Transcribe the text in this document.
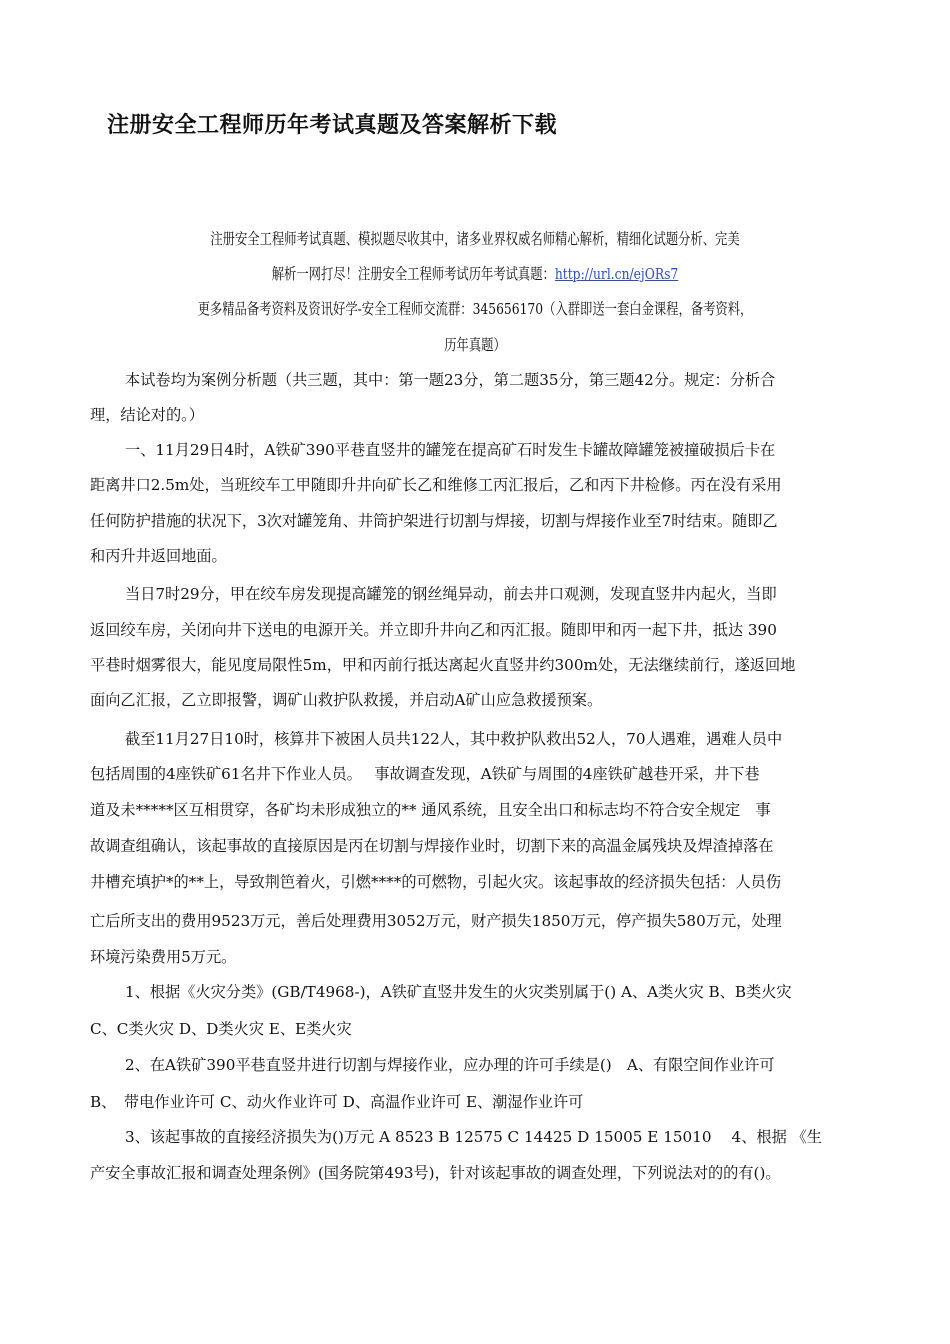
注册安全工程师历年考试真题及答案解析下载
注册安全工程师考试真题、模拟题尽收其中，诸多业界权威名师精心解析，精细化试题分析、完美
解析一网打尽！注册安全工程师考试历年考试真题：http://url.cn/ejORs7
更多精品备考资料及资讯好学-安全工程师交流群：345656170（入群即送一套白金课程，备考资料，
历年真题）
本试卷均为案例分析题（共三题，其中：第一题23分，第二题35分，第三题42分。规定：分析合
理，结论对的。）
一、11月29日4时，A铁矿390平巷直竖井的罐笼在提高矿石时发生卡罐故障罐笼被撞破损后卡在
距离井口2.5m处，当班绞车工甲随即升井向矿长乙和维修工丙汇报后，乙和丙下井检修。丙在没有采用
任何防护措施的状况下，3次对罐笼角、井筒护架进行切割与焊接，切割与焊接作业至7时结束。随即乙
和丙升井返回地面。
当日7时29分，甲在绞车房发现提高罐笼的钢丝绳异动，前去井口观测，发现直竖井内起火，当即
返回绞车房，关闭向井下送电的电源开关。并立即升井向乙和丙汇报。随即甲和丙一起下井，抵达 390
平巷时烟雾很大，能见度局限性5m，甲和丙前行抵达离起火直竖井约300m处，无法继续前行，遂返回地
面向乙汇报，乙立即报警，调矿山救护队救援，并启动A矿山应急救援预案。
截至11月27日10时，核算井下被困人员共122人，其中救护队救出52人，70人遇难，遇难人员中
包括周围的4座铁矿61名井下作业人员。　 事故调查发现，A铁矿与周围的4座铁矿越巷开采，井下巷
道及未*****区互相贯穿，各矿均未形成独立的** 通风系统，且安全出口和标志均不符合安全规定　事
故调查组确认，该起事故的直接原因是丙在切割与焊接作业时，切割下来的高温金属残块及焊渣掉落在
井槽充填护*的**上，导致荆笆着火，引燃****的可燃物，引起火灾。该起事故的经济损失包括：人员伤
亡后所支出的费用9523万元，善后处理费用3052万元，财产损失1850万元，停产损失580万元，处理
环境污染费用5万元。
1、根据《火灾分类》(GB/T4968-)，A铁矿直竖井发生的火灾类别属于() A、A类火灾 B、B类火灾
C、C类火灾 D、D类火灾 E、E类火灾
2、在A铁矿390平巷直竖井进行切割与焊接作业，应办理的许可手续是()　A、有限空间作业许可
B、　带电作业许可 C、动火作业许可 D、高温作业许可 E、潮湿作业许可
3、该起事故的直接经济损失为()万元 A 8523 B 12575 C 14425 D 15005 E 15010　 4、根据 《生
产安全事故汇报和调查处理条例》(国务院第493号)，针对该起事故的调查处理，下列说法对的的有()。
